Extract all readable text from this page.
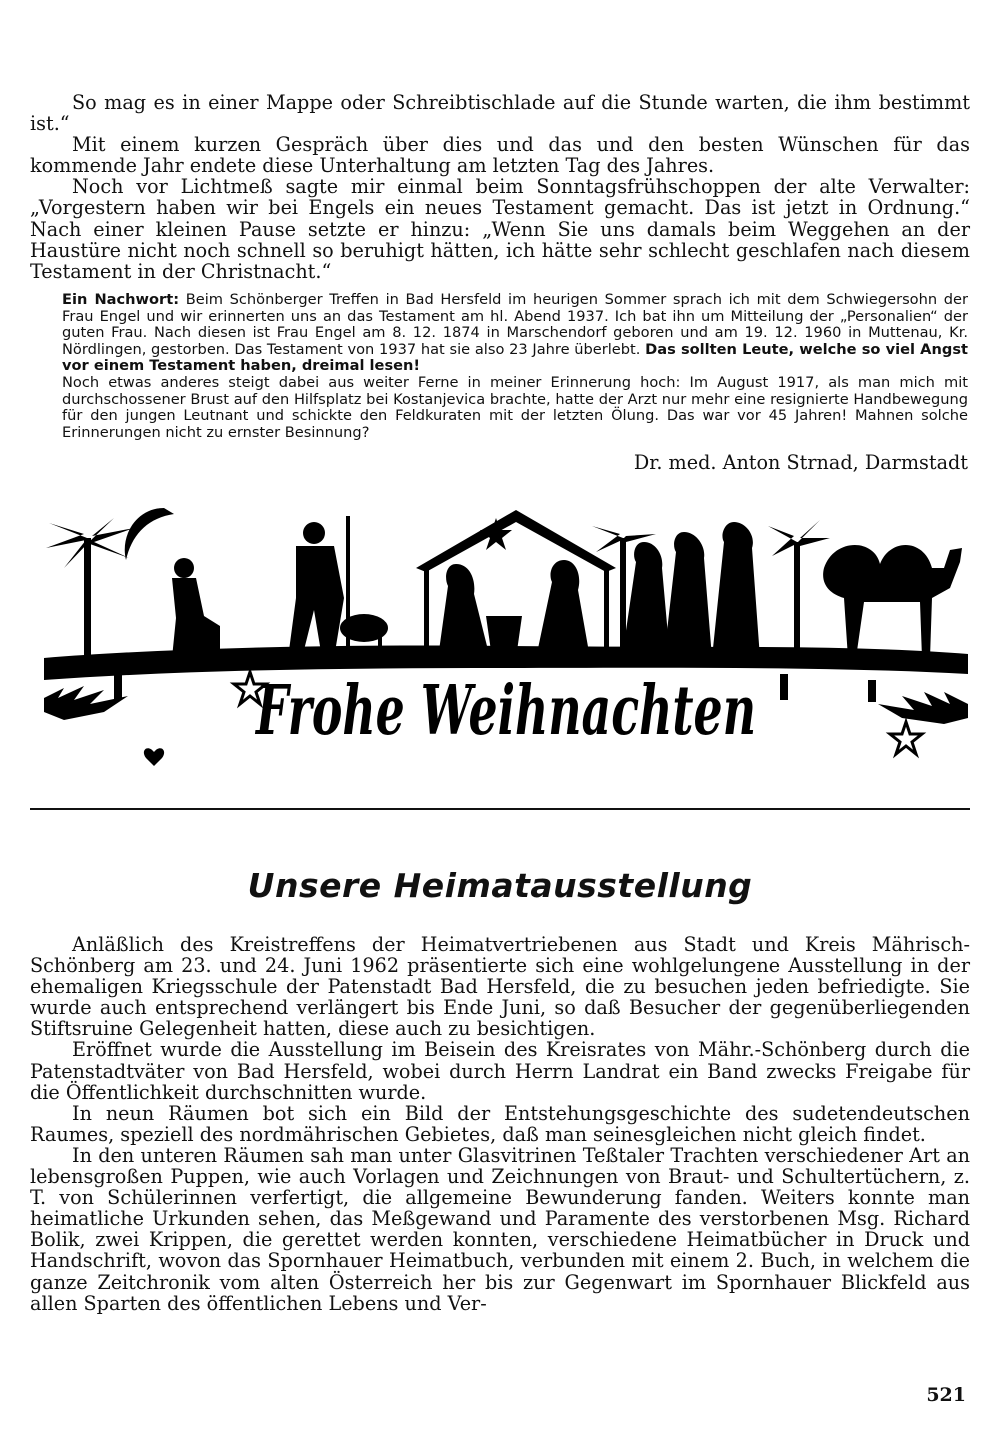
So mag es in einer Mappe oder Schreibtischlade auf die Stunde warten, die ihm bestimmt ist.“

Mit einem kurzen Gespräch über dies und das und den besten Wünschen für das kommende Jahr endete diese Unterhaltung am letzten Tag des Jahres.

Noch vor Lichtmeß sagte mir einmal beim Sonntagsfrühschoppen der alte Verwalter: „Vorgestern haben wir bei Engels ein neues Testament gemacht. Das ist jetzt in Ordnung.“ Nach einer kleinen Pause setzte er hinzu: „Wenn Sie uns damals beim Weggehen an der Haustüre nicht noch schnell so beruhigt hätten, ich hätte sehr schlecht geschlafen nach diesem Testament in der Christnacht.“

Ein Nachwort: Beim Schönberger Treffen in Bad Hersfeld im heurigen Sommer sprach ich mit dem Schwiegersohn der Frau Engel und wir erinnerten uns an das Testament am hl. Abend 1937. Ich bat ihn um Mitteilung der „Personalien“ der guten Frau. Nach diesen ist Frau Engel am 8. 12. 1874 in Marschendorf geboren und am 19. 12. 1960 in Muttenau, Kr. Nördlingen, gestorben. Das Testament von 1937 hat sie also 23 Jahre überlebt. Das sollten Leute, welche so viel Angst vor einem Testament haben, dreimal lesen!

Noch etwas anderes steigt dabei aus weiter Ferne in meiner Erinnerung hoch: Im August 1917, als man mich mit durchschossener Brust auf den Hilfsplatz bei Kostanjevica brachte, hatte der Arzt nur mehr eine resignierte Handbewegung für den jungen Leutnant und schickte den Feldkuraten mit der letzten Ölung. Das war vor 45 Jahren! Mahnen solche Erinnerungen nicht zu ernster Besinnung?

Dr. med. Anton Strnad, Darmstadt
Frohe Weihnachten
Unsere Heimatausstellung

Anläßlich des Kreistreffens der Heimatvertriebenen aus Stadt und Kreis Mährisch-Schönberg am 23. und 24. Juni 1962 präsentierte sich eine wohlgelungene Ausstellung in der ehemaligen Kriegsschule der Patenstadt Bad Hersfeld, die zu besuchen jeden befriedigte. Sie wurde auch entsprechend verlängert bis Ende Juni, so daß Besucher der gegenüberliegenden Stiftsruine Gelegenheit hatten, diese auch zu besichtigen.

Eröffnet wurde die Ausstellung im Beisein des Kreisrates von Mähr.-Schönberg durch die Patenstadtväter von Bad Hersfeld, wobei durch Herrn Landrat ein Band zwecks Freigabe für die Öffentlichkeit durchschnitten wurde.

In neun Räumen bot sich ein Bild der Entstehungsgeschichte des sudetendeutschen Raumes, speziell des nordmährischen Gebietes, daß man seinesgleichen nicht gleich findet.

In den unteren Räumen sah man unter Glasvitrinen Teßtaler Trachten verschiedener Art an lebensgroßen Puppen, wie auch Vorlagen und Zeichnungen von Braut- und Schultertüchern, z. T. von Schülerinnen verfertigt, die allgemeine Bewunderung fanden. Weiters konnte man heimatliche Urkunden sehen, das Meßgewand und Paramente des verstorbenen Msg. Richard Bolik, zwei Krippen, die gerettet werden konnten, verschiedene Heimatbücher in Druck und Handschrift, wovon das Spornhauer Heimatbuch, verbunden mit einem 2. Buch, in welchem die ganze Zeitchronik vom alten Österreich her bis zur Gegenwart im Spornhauer Blickfeld aus allen Sparten des öffentlichen Lebens und Ver-

521
